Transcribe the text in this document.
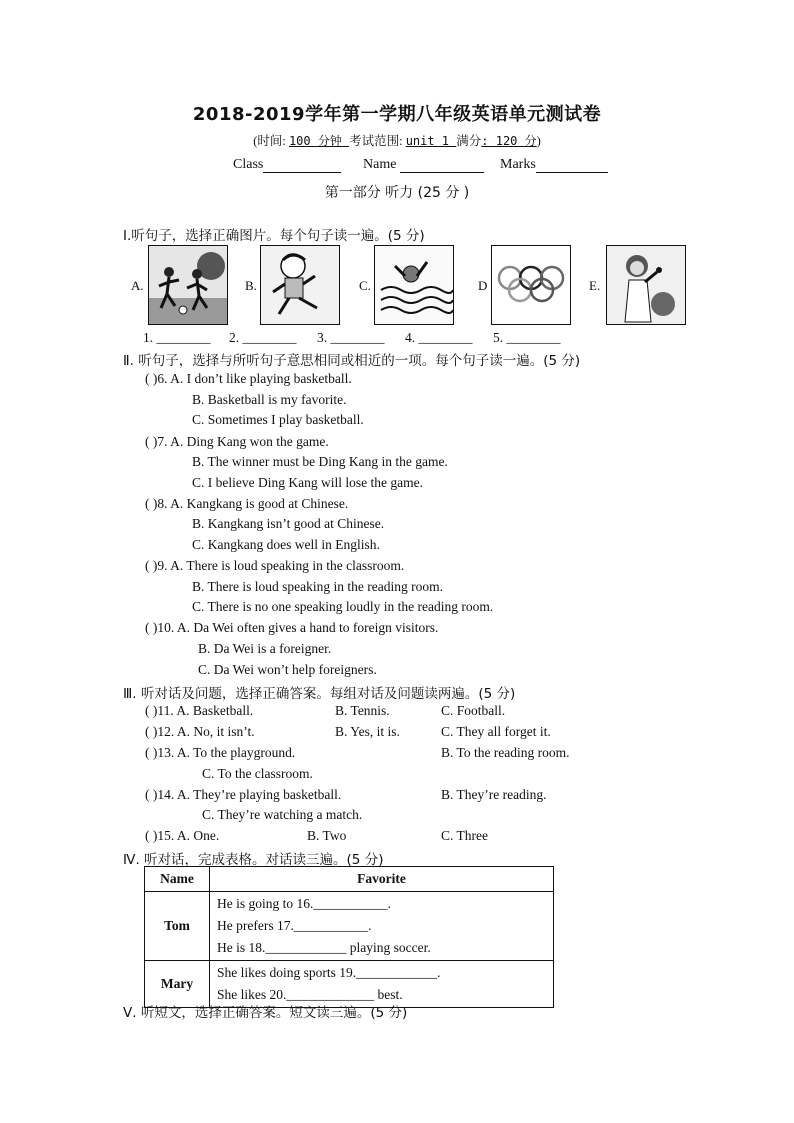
2018-2019学年第一学期八年级英语单元测试卷
(时间: 100 分钟 考试范围: unit 1 满分: 120 分)
Class	Name	Marks
第一部分 听力 (25 分 )
Ⅰ.听句子，选择正确图片。每个句子读一遍。(5 分)
A.	B.	C.	D	E.
1. ________ 2. ________ 3. ________ 4. ________ 5. ________
Ⅱ. 听句子，选择与所听句子意思相同或相近的一项。每个句子读一遍。(5 分)
( )6. A. I don’t like playing basketball.
B. Basketball is my favorite.
C. Sometimes I play basketball.
( )7. A. Ding Kang won the game.
B. The winner must be Ding Kang in the game.
C. I believe Ding Kang will lose the game.
( )8. A. Kangkang is good at Chinese.
B. Kangkang isn’t good at Chinese.
C. Kangkang does well in English.
( )9. A. There is loud speaking in the classroom.
B. There is loud speaking in the reading room.
C. There is no one speaking loudly in the reading room.
( )10. A. Da Wei often gives a hand to foreign visitors.
B. Da Wei is a foreigner.
C. Da Wei won’t help foreigners.
Ⅲ. 听对话及问题，选择正确答案。每组对话及问题读两遍。(5 分)
( )11. A. Basketball.	B. Tennis.	C. Football.
( )12. A. No, it isn’t.	B. Yes, it is.	C. They all forget it.
( )13. A. To the playground.	B. To the reading room.
C. To the classroom.
( )14. A. They’re playing basketball.	B. They’re reading.
C. They’re watching a match.
( )15. A. One.	B. Two	C. Three
Ⅳ. 听对话，完成表格。对话读三遍。(5 分)
Name	Favorite
Tom	He is going to 16.___________.
He prefers 17.___________.
He is 18.____________ playing soccer.

Mary	She likes doing sports 19.____________.
She likes 20._____________ best.
Ⅴ. 听短文，选择正确答案。短文读三遍。(5 分)
